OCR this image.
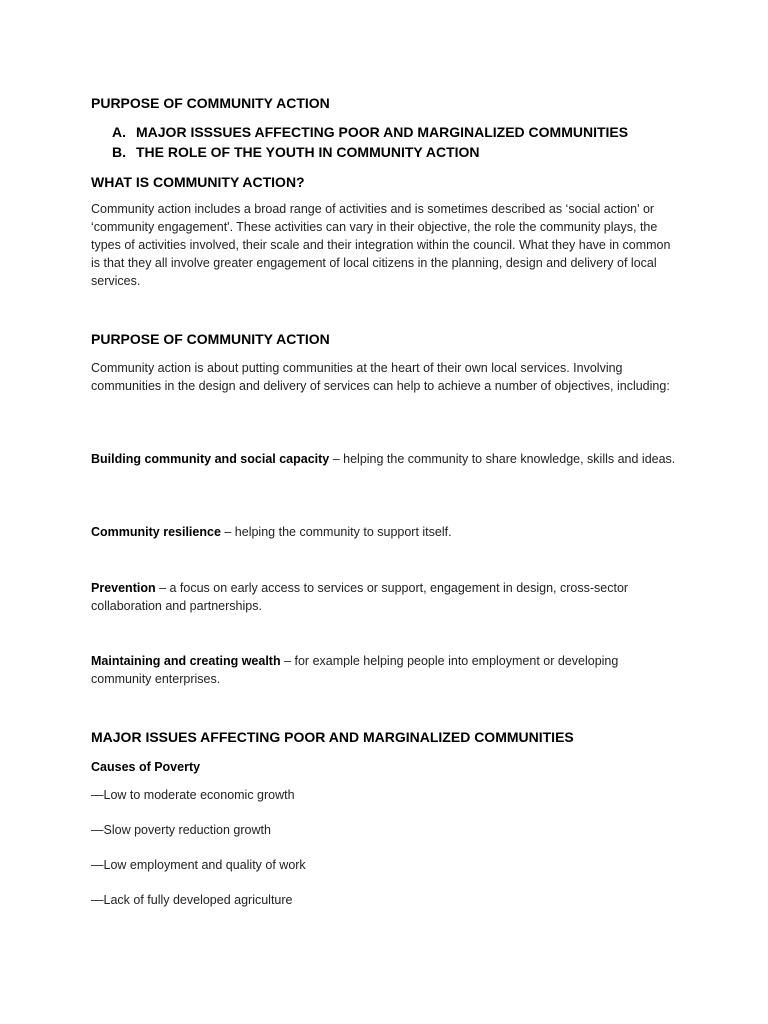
PURPOSE OF COMMUNITY ACTION
A. MAJOR ISSSUES AFFECTING POOR AND MARGINALIZED COMMUNITIES
B. THE ROLE OF THE YOUTH IN COMMUNITY ACTION
WHAT IS COMMUNITY ACTION?

Community action includes a broad range of activities and is sometimes described as ‘social action' or ‘community engagement'. These activities can vary in their objective, the role the community plays, the types of activities involved, their scale and their integration within the council. What they have in common is that they all involve greater engagement of local citizens in the planning, design and delivery of local services.

PURPOSE OF COMMUNITY ACTION

Community action is about putting communities at the heart of their own local services. Involving communities in the design and delivery of services can help to achieve a number of objectives, including:

Building community and social capacity – helping the community to share knowledge, skills and ideas.

Community resilience – helping the community to support itself.

Prevention – a focus on early access to services or support, engagement in design, cross-sector collaboration and partnerships.

Maintaining and creating wealth – for example helping people into employment or developing community enterprises.

MAJOR ISSUES AFFECTING POOR AND MARGINALIZED COMMUNITIES
Causes of Poverty
—Low to moderate economic growth
—Slow poverty reduction growth
—Low employment and quality of work
—Lack of fully developed agriculture
